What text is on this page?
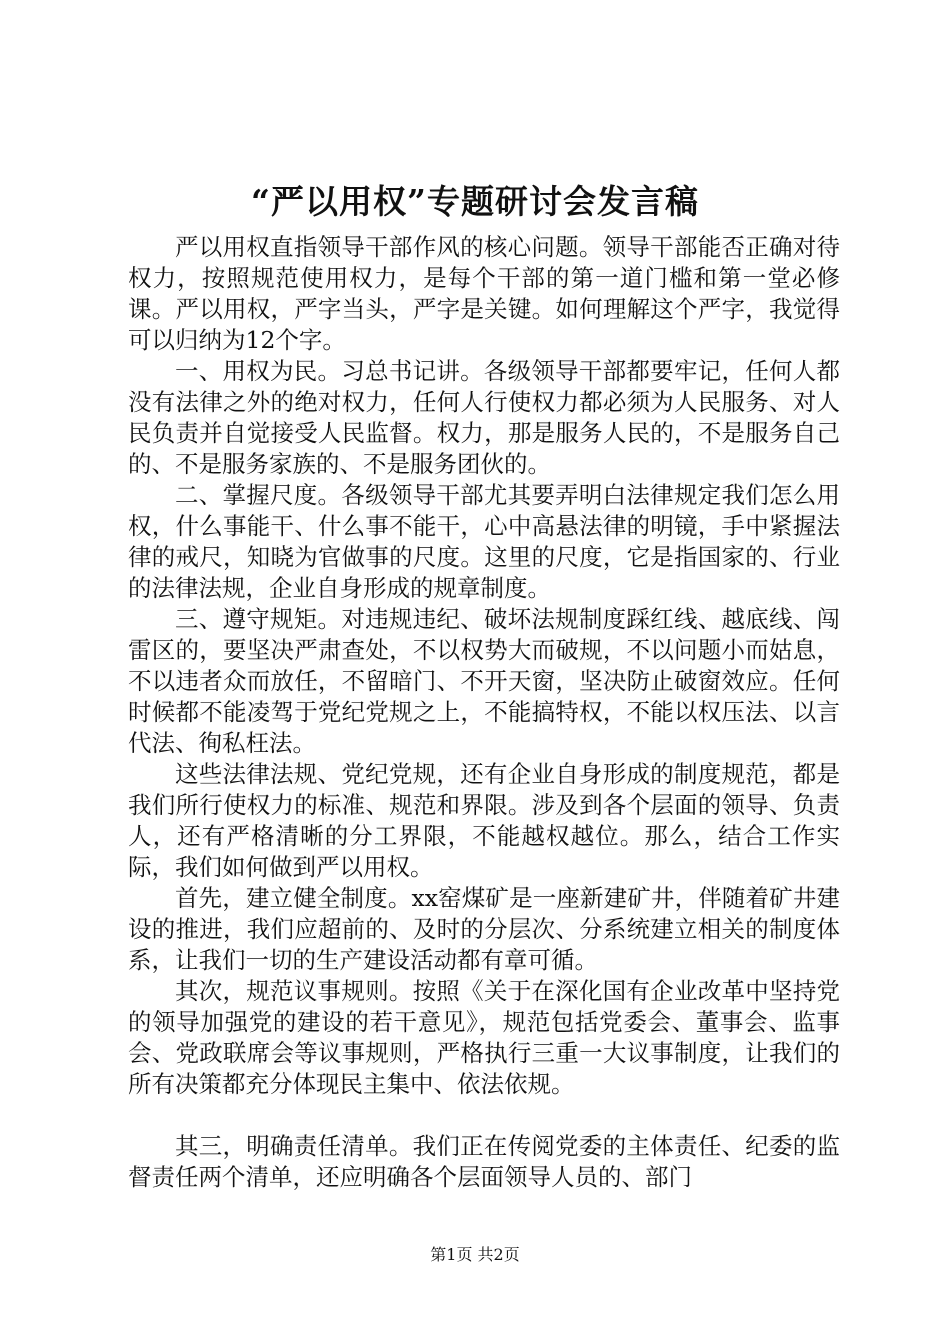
“严以用权”专题研讨会发言稿

严以用权直指领导干部作风的核心问题。领导干部能否正确对待权力，按照规范使用权力，是每个干部的第一道门槛和第一堂必修课。严以用权，严字当头，严字是关键。如何理解这个严字，我觉得可以归纳为12个字。

一、用权为民。习总书记讲。各级领导干部都要牢记，任何人都没有法律之外的绝对权力，任何人行使权力都必须为人民服务、对人民负责并自觉接受人民监督。权力，那是服务人民的，不是服务自己的、不是服务家族的、不是服务团伙的。

二、掌握尺度。各级领导干部尤其要弄明白法律规定我们怎么用权，什么事能干、什么事不能干，心中高悬法律的明镜，手中紧握法律的戒尺，知晓为官做事的尺度。这里的尺度，它是指国家的、行业的法律法规，企业自身形成的规章制度。

三、遵守规矩。对违规违纪、破坏法规制度踩红线、越底线、闯雷区的，要坚决严肃查处，不以权势大而破规，不以问题小而姑息，不以违者众而放任，不留暗门、不开天窗，坚决防止破窗效应。任何时候都不能凌驾于党纪党规之上，不能搞特权，不能以权压法、以言代法、徇私枉法。

这些法律法规、党纪党规，还有企业自身形成的制度规范，都是我们所行使权力的标准、规范和界限。涉及到各个层面的领导、负责人，还有严格清晰的分工界限，不能越权越位。那么，结合工作实际，我们如何做到严以用权。

首先，建立健全制度。xx窑煤矿是一座新建矿井，伴随着矿井建设的推进，我们应超前的、及时的分层次、分系统建立相关的制度体系，让我们一切的生产建设活动都有章可循。

其次，规范议事规则。按照《关于在深化国有企业改革中坚持党的领导加强党的建设的若干意见》，规范包括党委会、董事会、监事会、党政联席会等议事规则，严格执行三重一大议事制度，让我们的所有决策都充分体现民主集中、依法依规。

其三，明确责任清单。我们正在传阅党委的主体责任、纪委的监督责任两个清单，还应明确各个层面领导人员的、部门

第1页 共2页
